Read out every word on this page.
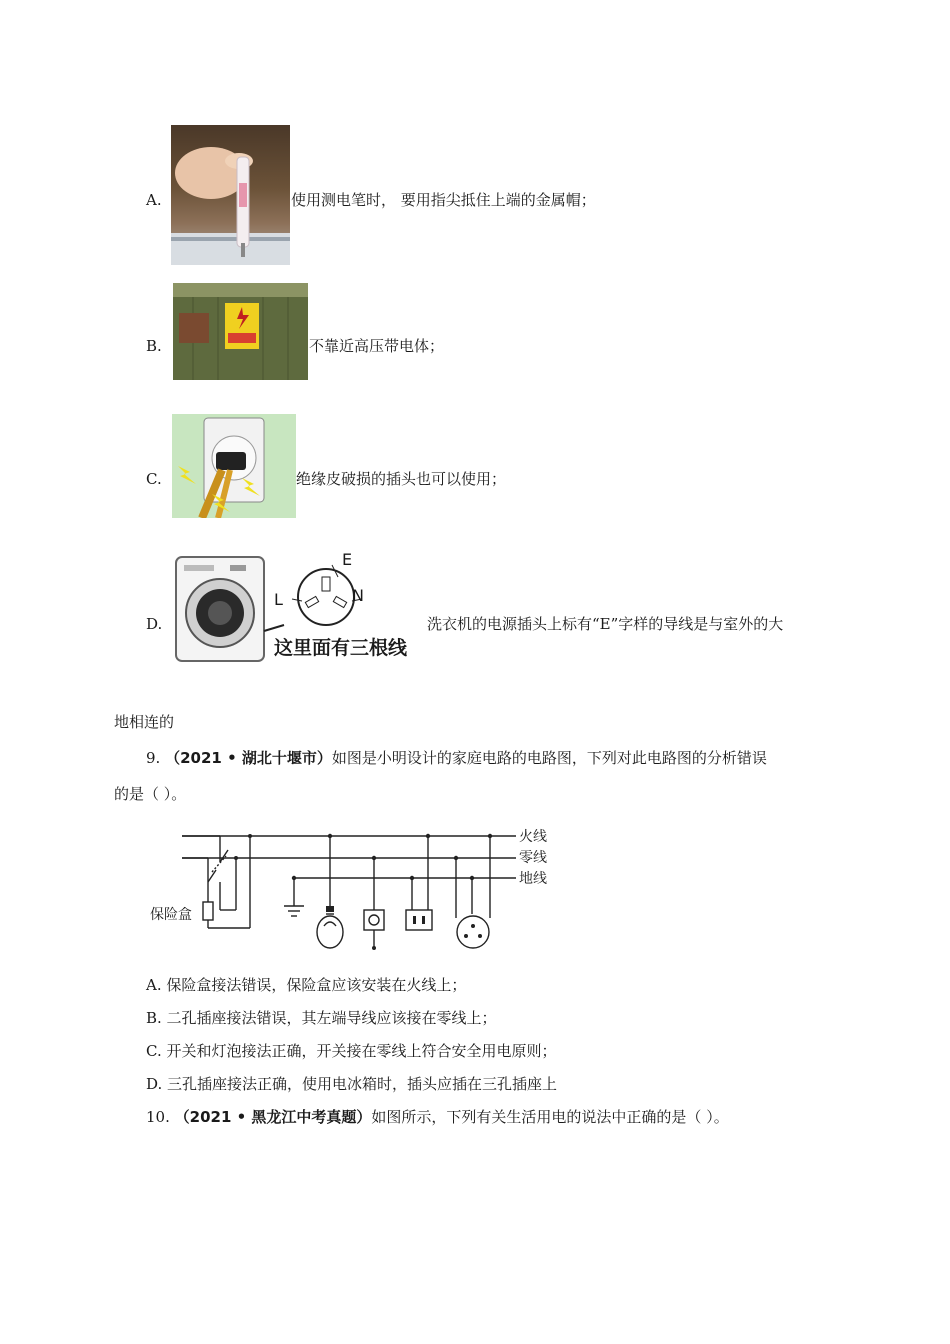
A.	使用测电笔时， 要用指尖抵住上端的金属帽；
B.	不靠近高压带电体；
C.	绝缘皮破损的插头也可以使用；
D.
E
L	N
这里面有三根线
洗衣机的电源插头上标有“E”字样的导线是与室外的大
地相连的
9. （2021 • 湖北十堰市）如图是小明设计的家庭电路的电路图，下列对此电路图的分析错误
的是（ ）。
火线
零线
地线
保险盒
A. 保险盒接法错误，保险盒应该安装在火线上；
B. 二孔插座接法错误，其左端导线应该接在零线上；
C. 开关和灯泡接法正确，开关接在零线上符合安全用电原则；
D. 三孔插座接法正确，使用电冰箱时，插头应插在三孔插座上
10. （2021 • 黑龙江中考真题）如图所示，下列有关生活用电的说法中正确的是（ ）。
